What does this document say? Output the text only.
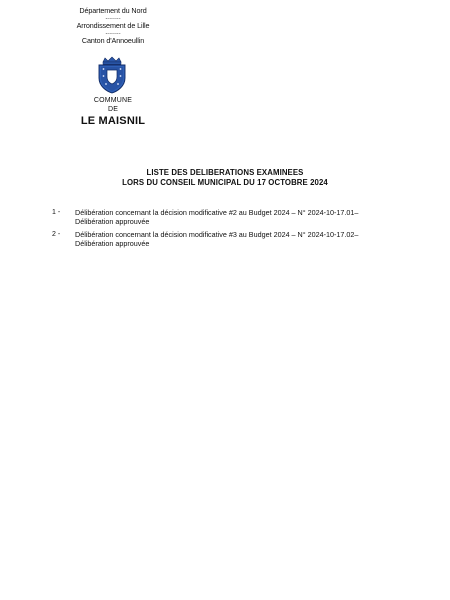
Département du Nord
........
Arrondissement de Lille
........
Canton d'Annoeullin
COMMUNE
DE
LE MAISNIL
LISTE DES DELIBERATIONS EXAMINEES
LORS DU CONSEIL MUNICIPAL DU 17 OCTOBRE 2024
1 - Délibération concernant la décision modificative #2 au Budget 2024 – N° 2024-10-17.01–
Délibération approuvée
2 - Délibération concernant la décision modificative #3 au Budget 2024 – N° 2024-10-17.02–
Délibération approuvée
